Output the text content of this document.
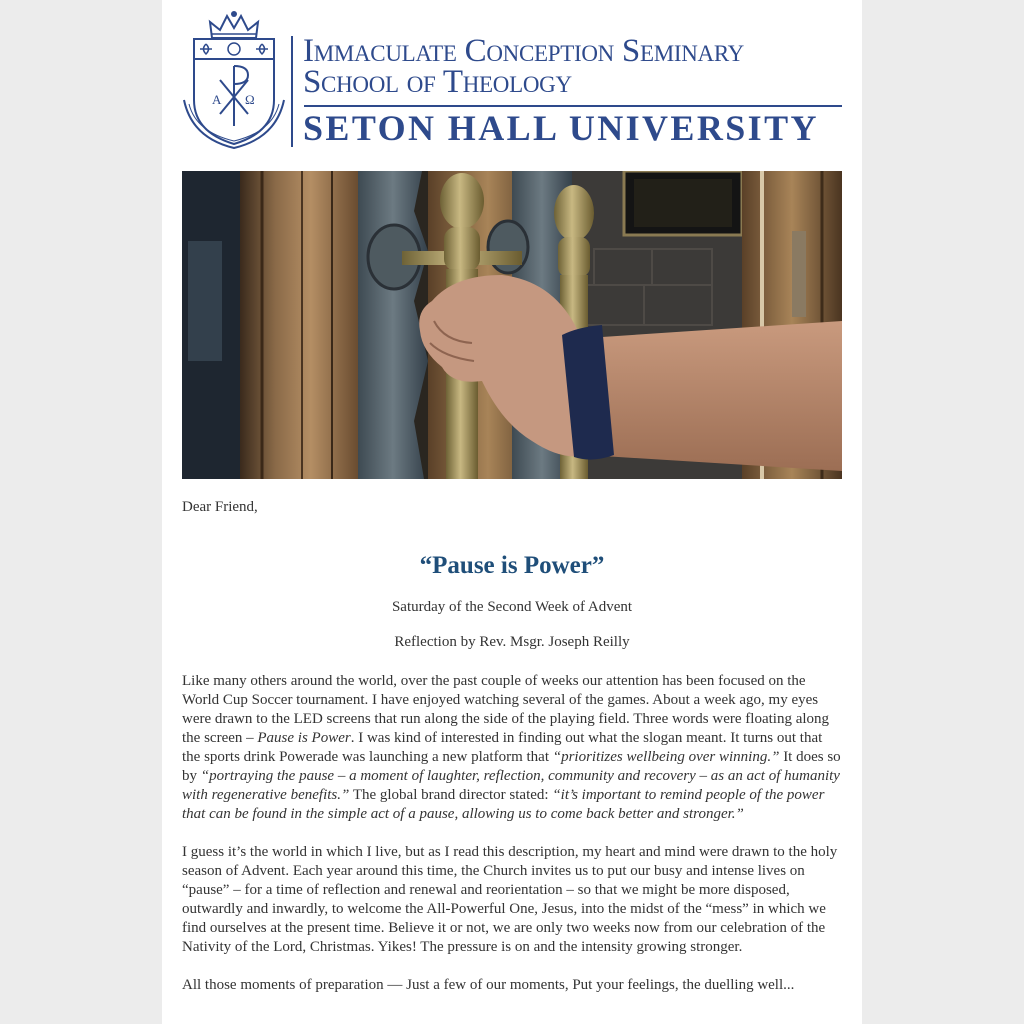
Α Ω
Immaculate Conception Seminary
School of Theology
SETON HALL UNIVERSITY

Dear Friend,

“Pause is Power”

Saturday of the Second Week of Advent

Reflection by Rev. Msgr. Joseph Reilly

Like many others around the world, over the past couple of weeks our attention has been focused on the World Cup Soccer tournament. I have enjoyed watching several of the games. About a week ago, my eyes were drawn to the LED screens that run along the side of the playing field. Three words were floating along the screen – Pause is Power. I was kind of interested in finding out what the slogan meant. It turns out that the sports drink Powerade was launching a new platform that “prioritizes wellbeing over winning.” It does so by “portraying the pause – a moment of laughter, reflection, community and recovery – as an act of humanity with regenerative benefits.” The global brand director stated: “it’s important to remind people of the power that can be found in the simple act of a pause, allowing us to come back better and stronger.”

I guess it’s the world in which I live, but as I read this description, my heart and mind were drawn to the holy season of Advent. Each year around this time, the Church invites us to put our busy and intense lives on “pause” – for a time of reflection and renewal and reorientation – so that we might be more disposed, outwardly and inwardly, to welcome the All-Powerful One, Jesus, into the midst of the “mess” in which we find ourselves at the present time. Believe it or not, we are only two weeks now from our celebration of the Nativity of the Lord, Christmas. Yikes! The pressure is on and the intensity growing stronger.

All those moments of preparation — Just a few of our moments, Put your feelings, the duelling well...
